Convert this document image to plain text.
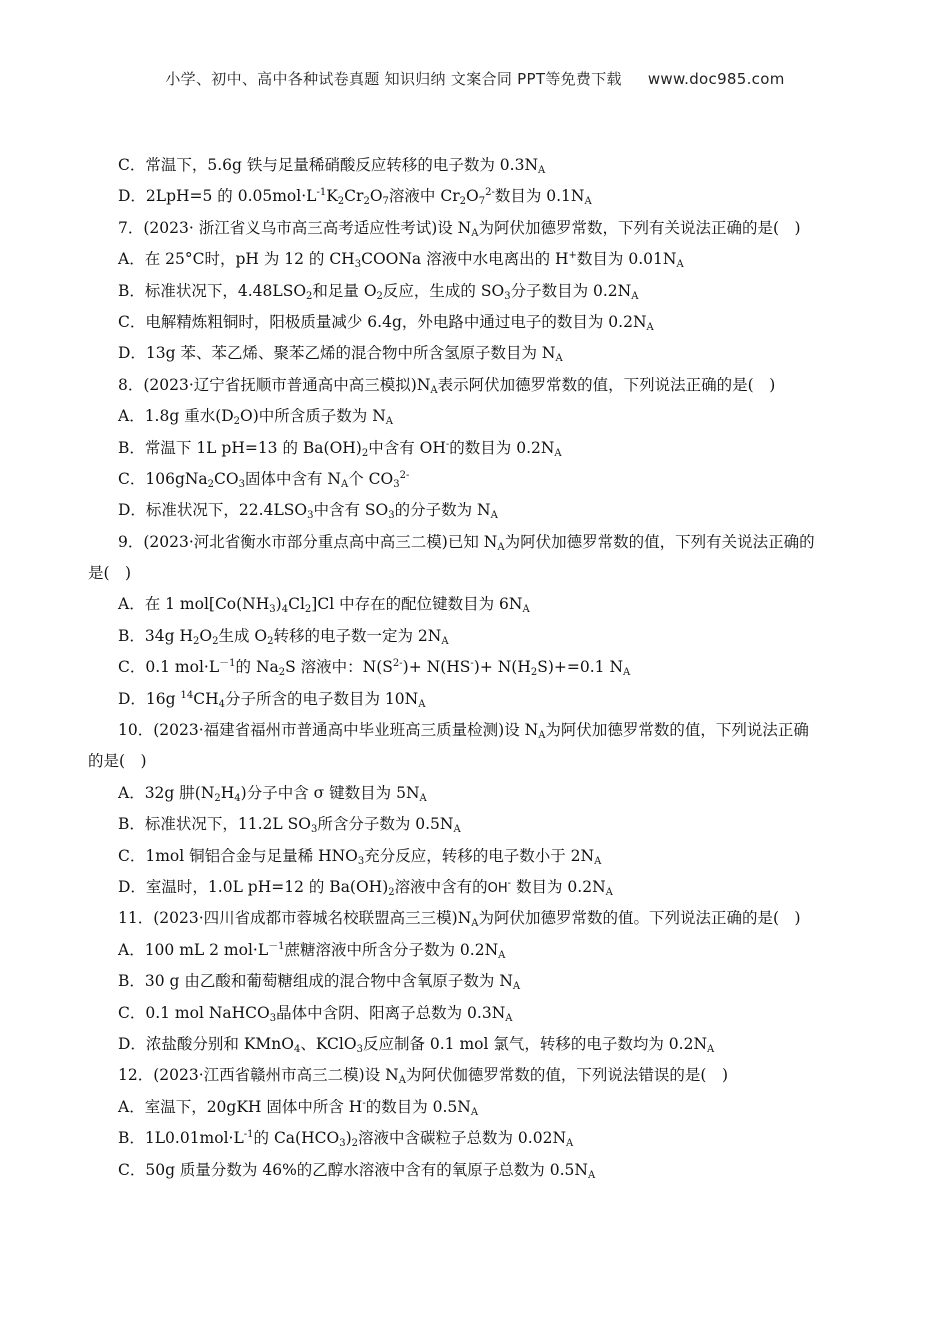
小学、初中、高中各种试卷真题 知识归纳 文案合同 PPT等免费下载 www.doc985.com
C．常温下，5.6g 铁与足量稀硝酸反应转移的电子数为 $0.3N_A$
D．2LpH=5 的 $0.05mol\cdot L^{-1}K_2Cr_2O_7$溶液中 $Cr_2O_7^{2-}$数目为 $0.1N_A$
7．(2023· 浙江省义乌市高三高考适应性考试)设 $N_A$为阿伏加德罗常数，下列有关说法正确的是(　)
A．在 25°C时，pH 为 12 的 $CH_3COONa$ 溶液中水电离出的 H+数目为 $0.01N_A$
B．标准状况下，$4.48LSO_2$和足量 $O_2$反应，生成的 $SO_3$分子数目为 $0.2N_A$
C．电解精炼粗铜时，阳极质量减少 6.4g，外电路中通过电子的数目为 $0.2N_A$
D．13g 苯、苯乙烯、聚苯乙烯的混合物中所含氢原子数目为 $N_A$
8．(2023·辽宁省抚顺市普通高中高三模拟)$N_A$表示阿伏加德罗常数的值，下列说法正确的是(　)
A．1.8g 重水$(D_2O)$中所含质子数为 $N_A$
B．常温下 1L pH=13 的 $Ba(OH)_2$中含有 OH-的数目为 $0.2N_A$
C．$106gNa_2CO_3$固体中含有 $N_A$个 $CO_3^{2-}$
D．标准状况下，$22.4LSO_3$中含有 $SO_3$的分子数为 $N_A$
9．(2023·河北省衡水市部分重点高中高三二模)已知 $N_A$为阿伏加德罗常数的值，下列有关说法正确的
是(　)
A．在 1 $mol[Co(NH_3)_4Cl_2]Cl$ 中存在的配位键数目为 $6N_A$
B．34g $H_2O_2$生成 $O_2$转移的电子数一定为 $2N_A$
C．0.1 $mol\cdot L^{-1}$的 $Na_2S$ 溶液中：$N(S^{2-})+ N(HS^-)+ N(H_2S)+=0.1$ $N_A$
D．16g $^{14}CH_4$分子所含的电子数目为 $10N_A$
10．(2023·福建省福州市普通高中毕业班高三质量检测)设 $N_A$为阿伏加德罗常数的值，下列说法正确
的是(　)
A．32g 肼$(N_2H_4)$分子中含 σ 键数目为 $5N_A$
B．标准状况下，11.2L $SO_3$所含分子数为 $0.5N_A$
C．1mol 铜铝合金与足量稀 $HNO_3$充分反应，转移的电子数小于 $2N_A$
D．室温时，1.0L pH=12 的 $Ba(OH)_2$溶液中含有的OH- 数目为 $0.2N_A$
11．(2023·四川省成都市蓉城名校联盟高三三模)$N_A$为阿伏加德罗常数的值。下列说法正确的是(　)
A．100 mL 2 $mol\cdot L^{-1}$蔗糖溶液中所含分子数为 $0.2N_A$
B．30 g 由乙酸和葡萄糖组成的混合物中含氧原子数为 $N_A$
C．0.1 mol NaHCO$_3$晶体中含阴、阳离子总数为 $0.3N_A$
D．浓盐酸分别和 KMnO$_4$、KClO$_3$反应制备 0.1 mol 氯气，转移的电子数均为 $0.2N_A$
12．(2023·江西省赣州市高三二模)设 $N_A$为阿伏伽德罗常数的值，下列说法错误的是(　)
A．室温下，20gKH 固体中所含 H-的数目为 $0.5N_A$
B．$1L0.01mol\cdot L^{-1}$的 $Ca(HCO_3)_2$溶液中含碳粒子总数为 $0.02N_A$
C．50g 质量分数为 46%的乙醇水溶液中含有的氧原子总数为 $0.5N_A$
